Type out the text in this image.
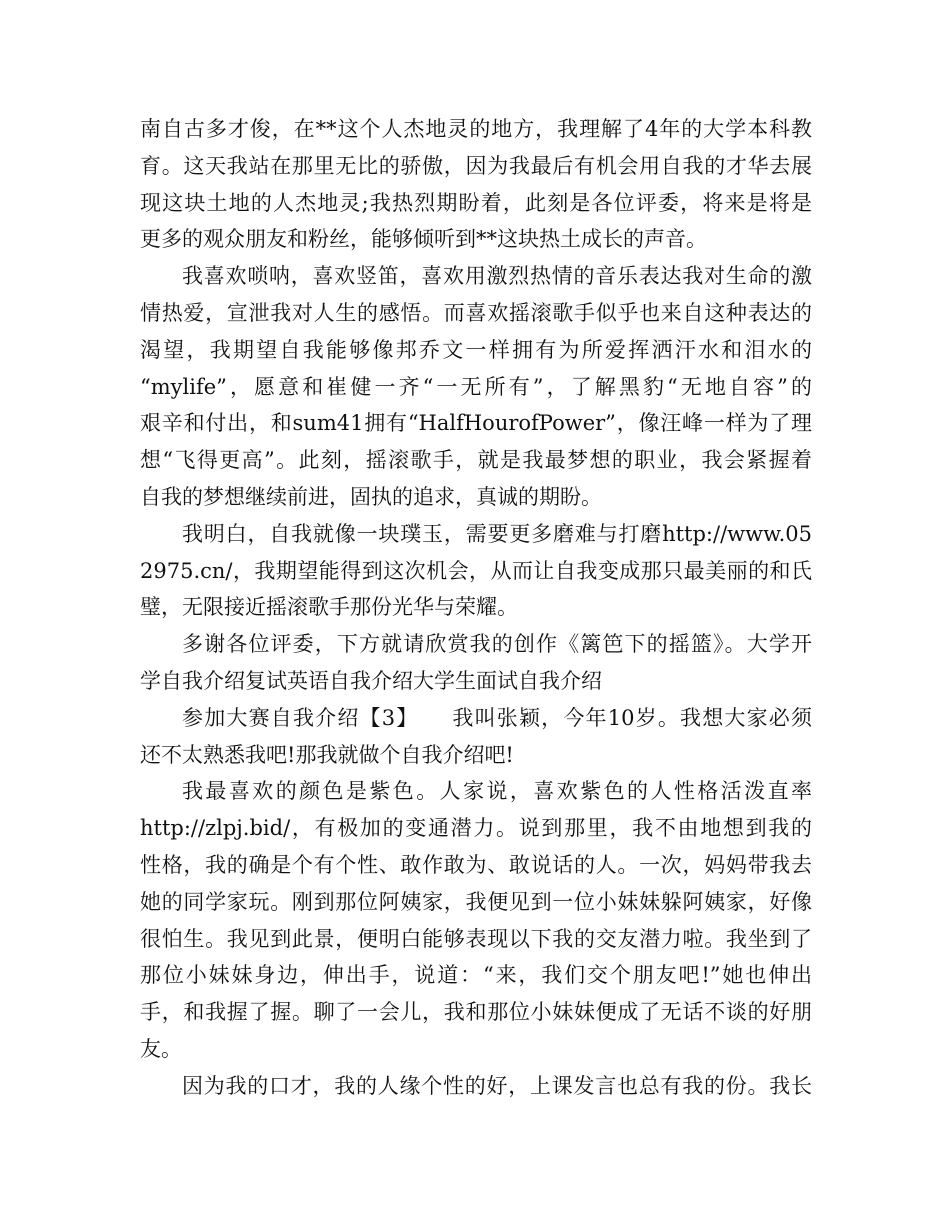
南自古多才俊，在**这个人杰地灵的地方，我理解了4年的大学本科教
育。这天我站在那里无比的骄傲，因为我最后有机会用自我的才华去展
现这块土地的人杰地灵;我热烈期盼着，此刻是各位评委，将来是将是
更多的观众朋友和粉丝，能够倾听到**这块热土成长的声音。
我喜欢唢呐，喜欢竖笛，喜欢用激烈热情的音乐表达我对生命的激
情热爱，宣泄我对人生的感悟。而喜欢摇滚歌手似乎也来自这种表达的
渴望，我期望自我能够像邦乔文一样拥有为所爱挥洒汗水和泪水的
“mylife”，愿意和崔健一齐“一无所有”，了解黑豹“无地自容”的
艰辛和付出，和sum41拥有“HalfHourofPower”，像汪峰一样为了理
想“飞得更高”。此刻，摇滚歌手，就是我最梦想的职业，我会紧握着
自我的梦想继续前进，固执的追求，真诚的期盼。
我明白，自我就像一块璞玉，需要更多磨难与打磨http://www.05
2975.cn/，我期望能得到这次机会，从而让自我变成那只最美丽的和氏
璧，无限接近摇滚歌手那份光华与荣耀。
多谢各位评委，下方就请欣赏我的创作《篱笆下的摇篮》。大学开
学自我介绍复试英语自我介绍大学生面试自我介绍
参加大赛自我介绍【3】　　我叫张颖，今年10岁。我想大家必须
还不太熟悉我吧!那我就做个自我介绍吧!
我最喜欢的颜色是紫色。人家说，喜欢紫色的人性格活泼直率
http://zlpj.bid/，有极加的变通潜力。说到那里，我不由地想到我的
性格，我的确是个有个性、敢作敢为、敢说话的人。一次，妈妈带我去
她的同学家玩。刚到那位阿姨家，我便见到一位小妹妹躲阿姨家，好像
很怕生。我见到此景，便明白能够表现以下我的交友潜力啦。我坐到了
那位小妹妹身边，伸出手，说道：“来，我们交个朋友吧!”她也伸出
手，和我握了握。聊了一会儿，我和那位小妹妹便成了无话不谈的好朋
友。
因为我的口才，我的人缘个性的好，上课发言也总有我的份。我长
